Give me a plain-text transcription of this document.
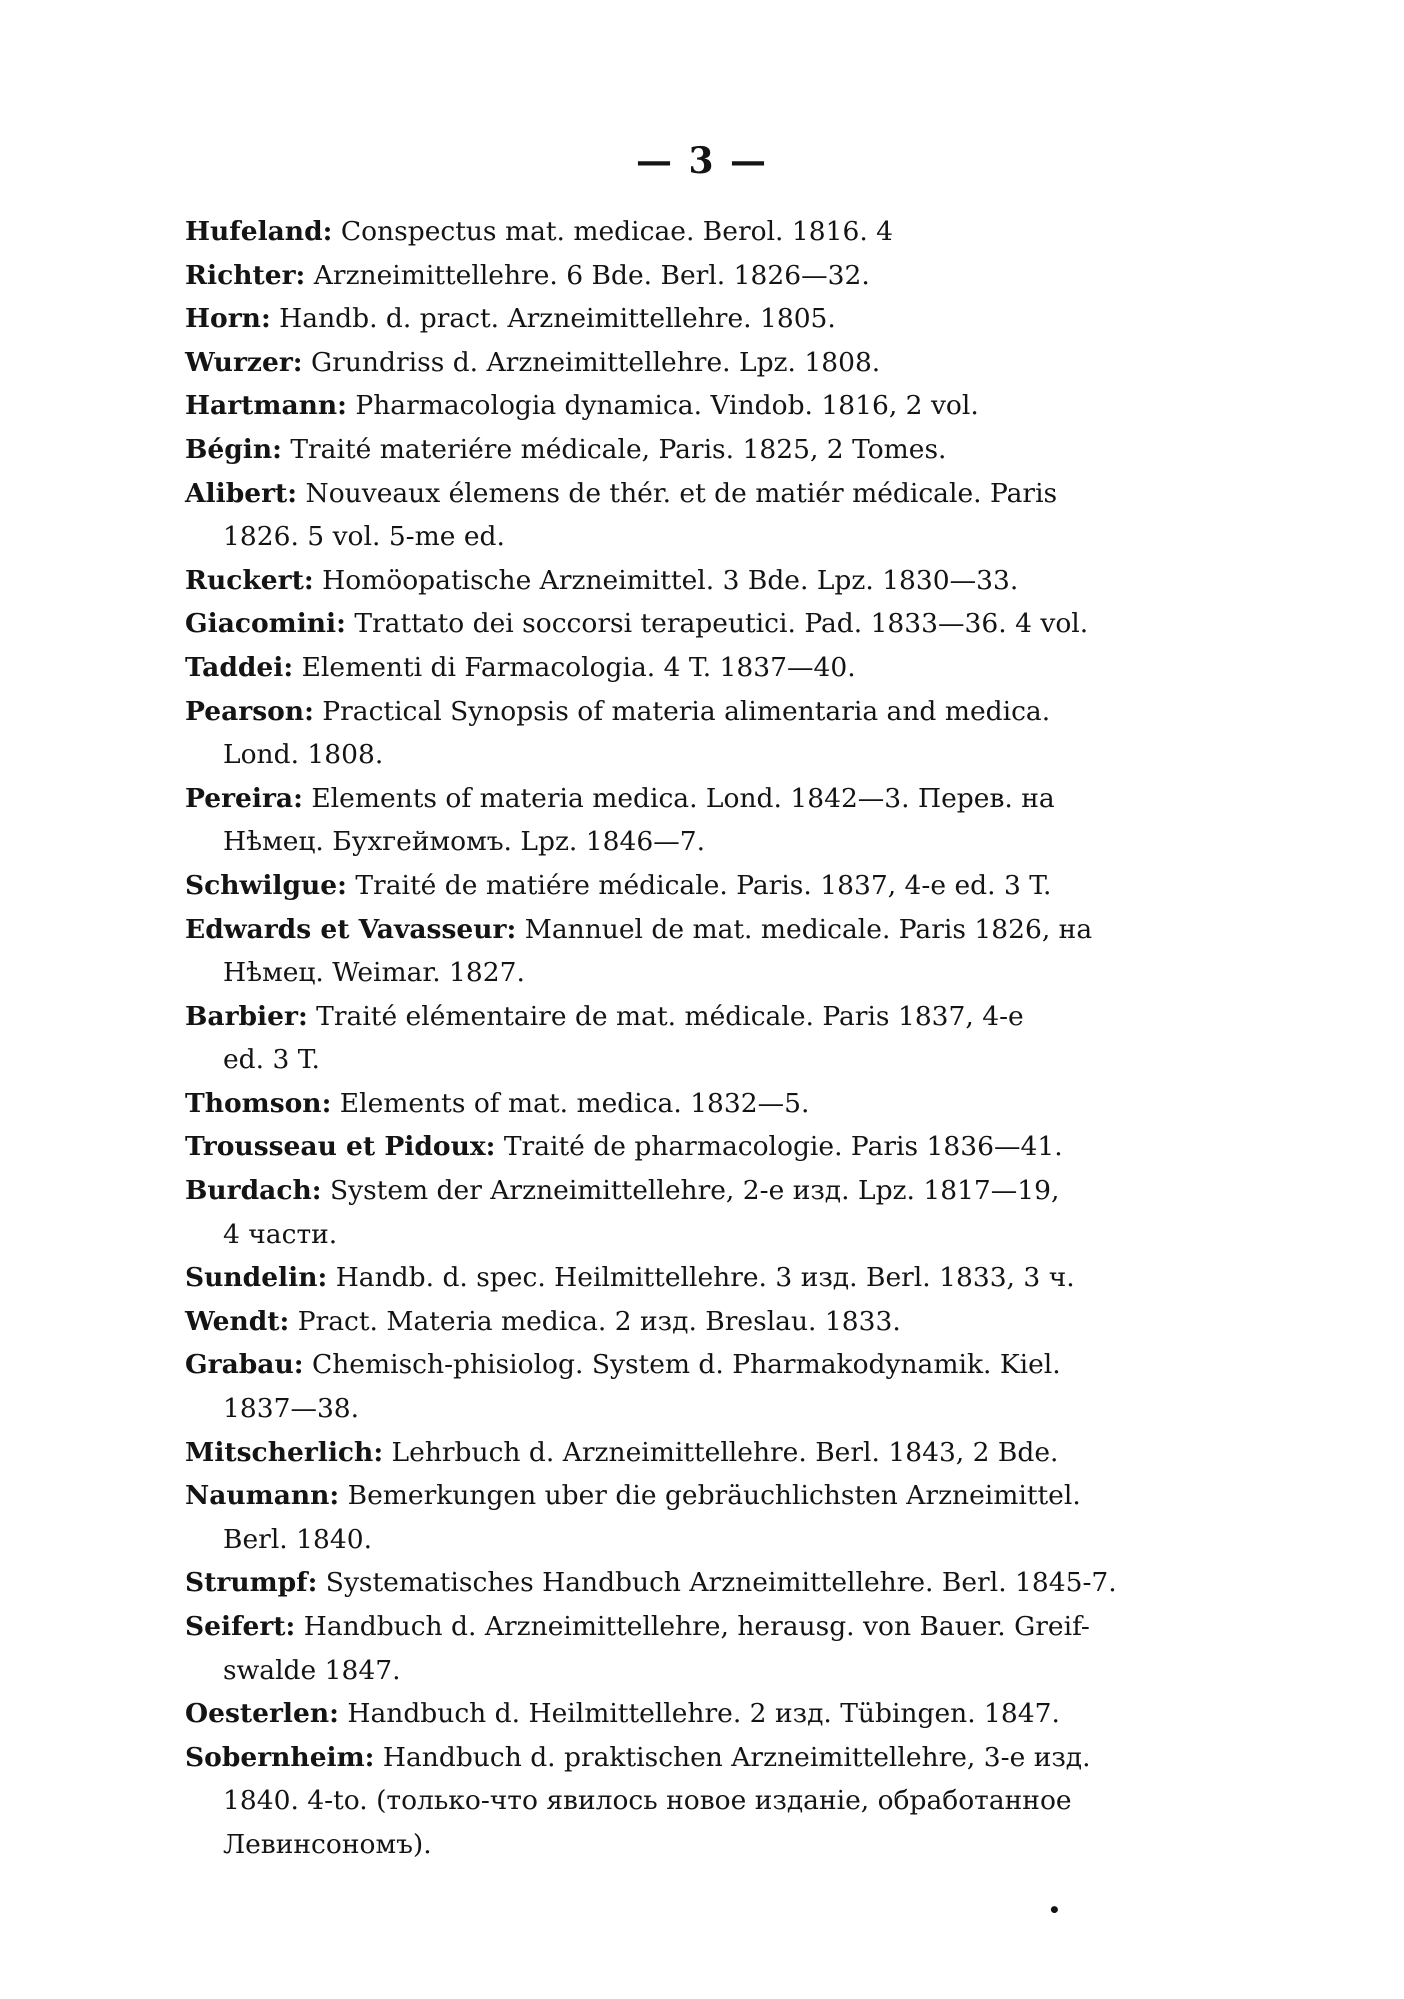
— 3 —
Hufeland: Conspectus mat. medicae. Berol. 1816. 4
Richter: Arzneimittellehre. 6 Bde. Berl. 1826—32.
Horn: Handb. d. pract. Arzneimittellehre. 1805.
Wurzer: Grundriss d. Arzneimittellehre. Lpz. 1808.
Hartmann: Pharmacologia dynamica. Vindob. 1816, 2 vol.
Bégin: Traité materiére médicale, Paris. 1825, 2 Tomes.
Alibert: Nouveaux élemens de thér. et de matiér médicale. Paris
1826. 5 vol. 5-me ed.
Ruckert: Homöopatische Arzneimittel. 3 Bde. Lpz. 1830—33.
Giacomini: Trattato dei soccorsi terapeutici. Pad. 1833—36. 4 vol.
Taddei: Elementi di Farmacologia. 4 T. 1837—40.
Pearson: Practical Synopsis of materia alimentaria and medica.
Lond. 1808.
Pereira: Elements of materia medica. Lond. 1842—3. Перев. на
Нѣмец. Бухгеймомъ. Lpz. 1846—7.
Schwilgue: Traité de matiére médicale. Paris. 1837, 4-e ed. 3 T.
Edwards et Vavasseur: Mannuel de mat. medicale. Paris 1826, на
Нѣмец. Weimar. 1827.
Barbier: Traité elémentaire de mat. médicale. Paris 1837, 4-e
ed. 3 T.
Thomson: Elements of mat. medica. 1832—5.
Trousseau et Pidoux: Traité de pharmacologie. Paris 1836—41.
Burdach: System der Arzneimittellehre, 2-е изд. Lpz. 1817—19,
4 части.
Sundelin: Handb. d. spec. Heilmittellehre. 3 изд. Berl. 1833, 3 ч.
Wendt: Pract. Materia medica. 2 изд. Breslau. 1833.
Grabau: Chemisch-phisiolog. System d. Pharmakodynamik. Kiel.
1837—38.
Mitscherlich: Lehrbuch d. Arzneimittellehre. Berl. 1843, 2 Bde.
Naumann: Bemerkungen uber die gebräuchlichsten Arzneimittel.
Berl. 1840.
Strumpf: Systematisches Handbuch Arzneimittellehre. Berl. 1845-7.
Seifert: Handbuch d. Arzneimittellehre, herausg. von Bauer. Greif-
swalde 1847.
Oesterlen: Handbuch d. Heilmittellehre. 2 изд. Tübingen. 1847.
Sobernheim: Handbuch d. praktischen Arzneimittellehre, 3-е изд.
1840. 4-to. (только-что явилось новое изданіе, обработанное
Левинсономъ).
•
